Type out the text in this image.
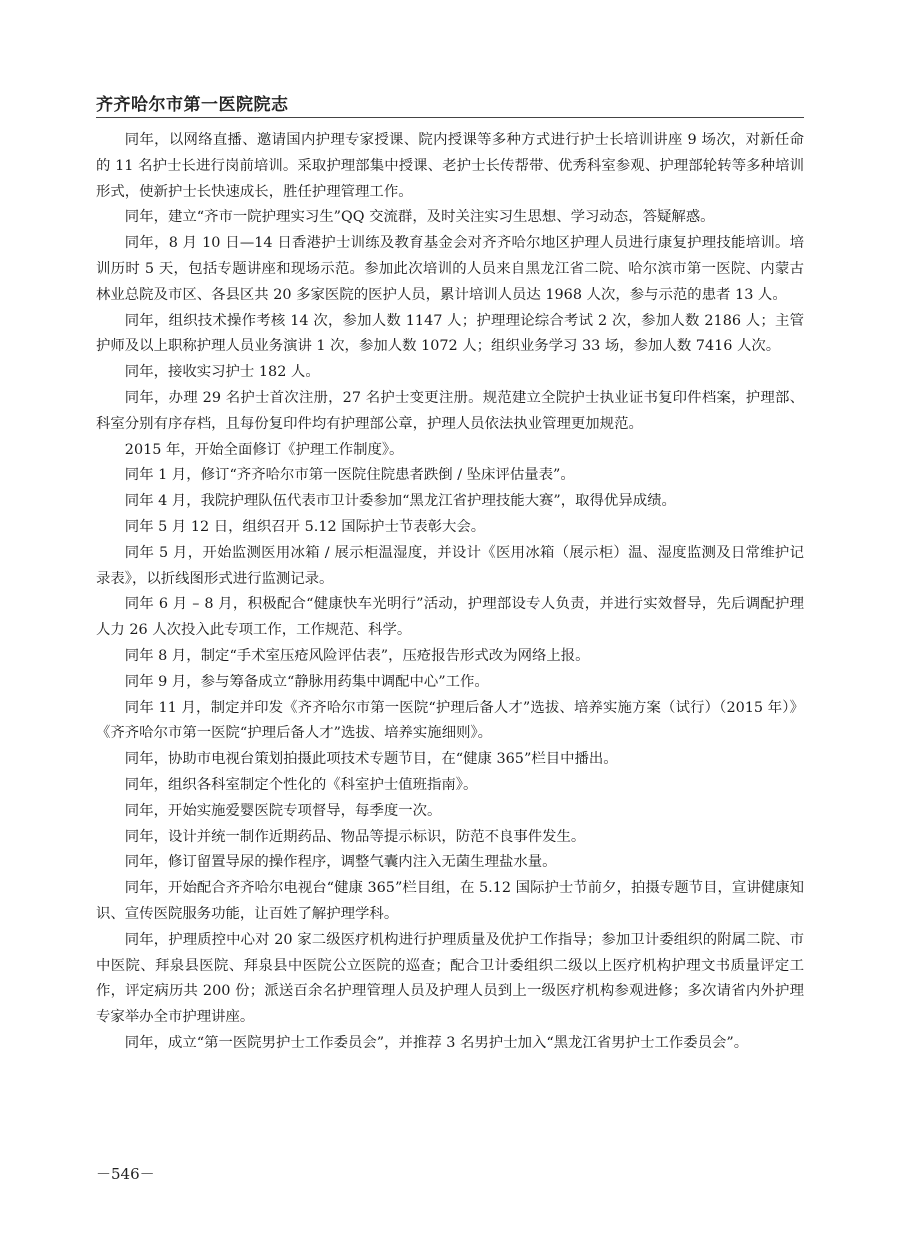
齐齐哈尔市第一医院院志

同年，以网络直播、邀请国内护理专家授课、院内授课等多种方式进行护士长培训讲座 9 场次，对新任命的 11 名护士长进行岗前培训。采取护理部集中授课、老护士长传帮带、优秀科室参观、护理部轮转等多种培训形式，使新护士长快速成长，胜任护理管理工作。

同年，建立“齐市一院护理实习生”QQ 交流群，及时关注实习生思想、学习动态，答疑解惑。

同年，8 月 10 日—14 日香港护士训练及教育基金会对齐齐哈尔地区护理人员进行康复护理技能培训。培训历时 5 天，包括专题讲座和现场示范。参加此次培训的人员来自黑龙江省二院、哈尔滨市第一医院、内蒙古林业总院及市区、各县区共 20 多家医院的医护人员，累计培训人员达 1968 人次，参与示范的患者 13 人。

同年，组织技术操作考核 14 次，参加人数 1147 人；护理理论综合考试 2 次，参加人数 2186 人；主管护师及以上职称护理人员业务演讲 1 次，参加人数 1072 人；组织业务学习 33 场，参加人数 7416 人次。

同年，接收实习护士 182 人。

同年，办理 29 名护士首次注册，27 名护士变更注册。规范建立全院护士执业证书复印件档案，护理部、科室分别有序存档，且每份复印件均有护理部公章，护理人员依法执业管理更加规范。

2015 年，开始全面修订《护理工作制度》。

同年 1 月，修订“齐齐哈尔市第一医院住院患者跌倒 / 坠床评估量表”。

同年 4 月，我院护理队伍代表市卫计委参加“黑龙江省护理技能大赛”，取得优异成绩。

同年 5 月 12 日，组织召开 5.12 国际护士节表彰大会。

同年 5 月，开始监测医用冰箱 / 展示柜温湿度，并设计《医用冰箱（展示柜）温、湿度监测及日常维护记录表》，以折线图形式进行监测记录。

同年 6 月 – 8 月，积极配合“健康快车光明行”活动，护理部设专人负责，并进行实效督导，先后调配护理人力 26 人次投入此专项工作，工作规范、科学。

同年 8 月，制定“手术室压疮风险评估表”，压疮报告形式改为网络上报。

同年 9 月，参与筹备成立“静脉用药集中调配中心”工作。

同年 11 月，制定并印发《齐齐哈尔市第一医院“护理后备人才”选拔、培养实施方案（试行）（2015 年）》《齐齐哈尔市第一医院“护理后备人才”选拔、培养实施细则》。

同年，协助市电视台策划拍摄此项技术专题节目，在“健康 365”栏目中播出。

同年，组织各科室制定个性化的《科室护士值班指南》。

同年，开始实施爱婴医院专项督导，每季度一次。

同年，设计并统一制作近期药品、物品等提示标识，防范不良事件发生。

同年，修订留置导尿的操作程序，调整气囊内注入无菌生理盐水量。

同年，开始配合齐齐哈尔电视台“健康 365”栏目组，在 5.12 国际护士节前夕，拍摄专题节目，宣讲健康知识、宣传医院服务功能，让百姓了解护理学科。

同年，护理质控中心对 20 家二级医疗机构进行护理质量及优护工作指导；参加卫计委组织的附属二院、市中医院、拜泉县医院、拜泉县中医院公立医院的巡查；配合卫计委组织二级以上医疗机构护理文书质量评定工作，评定病历共 200 份；派送百余名护理管理人员及护理人员到上一级医疗机构参观进修；多次请省内外护理专家举办全市护理讲座。

同年，成立“第一医院男护士工作委员会”，并推荐 3 名男护士加入“黑龙江省男护士工作委员会”。

－546－
